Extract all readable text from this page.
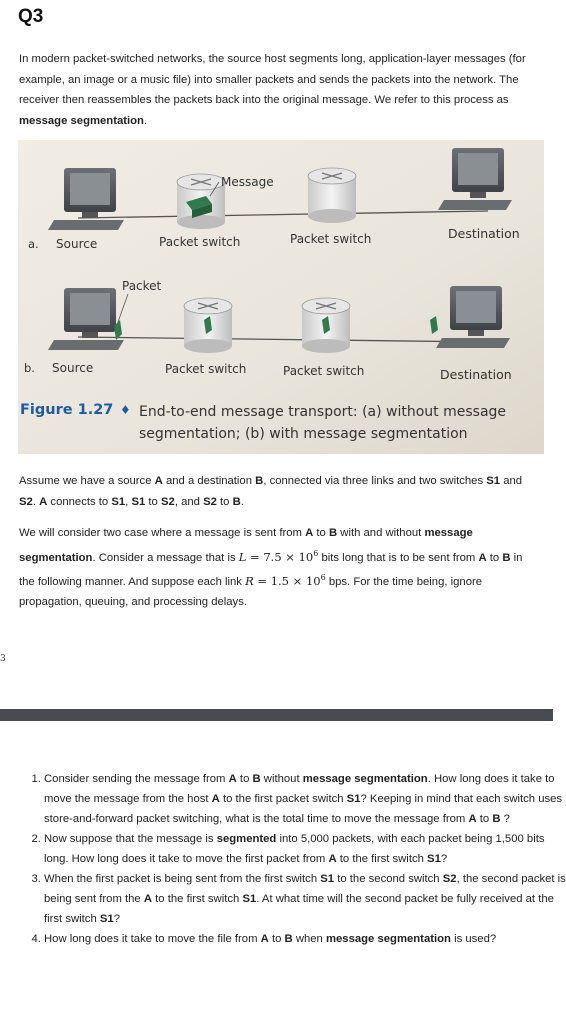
Q3

In modern packet-switched networks, the source host segments long, application-layer messages (for example, an image or a music file) into smaller packets and sends the packets into the network. The receiver then reassembles the packets back into the original message. We refer to this process as message segmentation.

Message
a. Source	Packet switch	Packet switch	Destination
Packet
b. Source	Packet switch	Packet switch	Destination
Figure 1.27 ♦ End-to-end message transport: (a) without message
segmentation; (b) with message segmentation

Assume we have a source A and a destination B, connected via three links and two switches S1 and S2. A connects to S1, S1 to S2, and S2 to B.

We will consider two case where a message is sent from A to B with and without message segmentation. Consider a message that is $L = 7.5 \times 10^6$ bits long that is to be sent from A to B in the following manner. And suppose each link $R = 1.5 \times 10^6$ bps. For the time being, ignore propagation, queuing, and processing delays.

3
1. Consider sending the message from A to B without message segmentation. How long does it take to move the message from the host A to the first packet switch S1? Keeping in mind that each switch uses store-and-forward packet switching, what is the total time to move the message from A to B ?
2. Now suppose that the message is segmented into 5,000 packets, with each packet being 1,500 bits long. How long does it take to move the first packet from A to the first switch S1?
3. When the first packet is being sent from the first switch S1 to the second switch S2, the second packet is being sent from the A to the first switch S1. At what time will the second packet be fully received at the first switch S1?
4. How long does it take to move the file from A to B when message segmentation is used?
